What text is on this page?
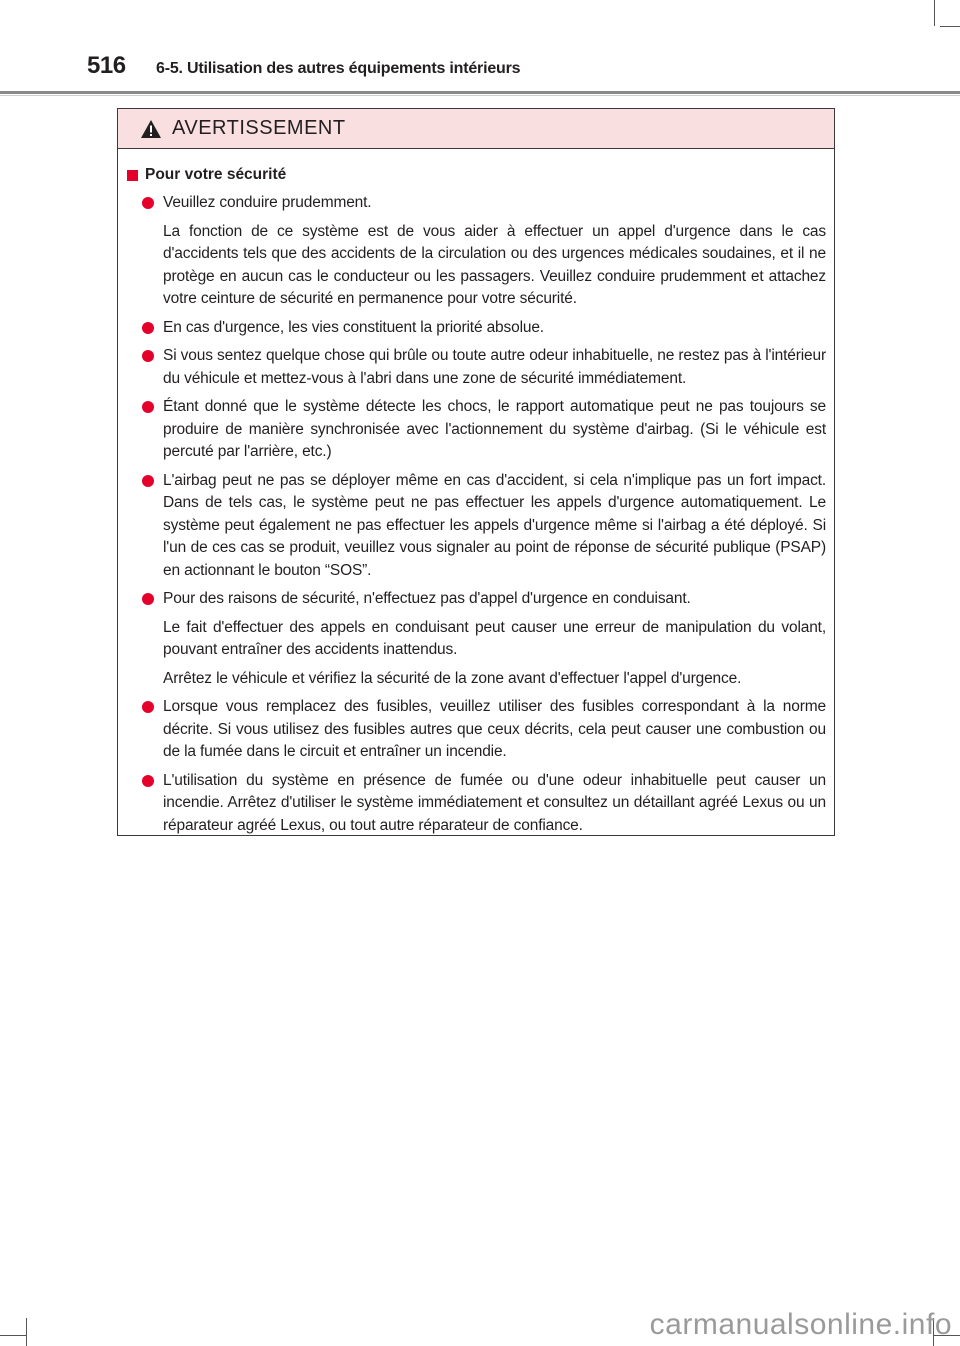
516 6-5. Utilisation des autres équipements intérieurs
AVERTISSEMENT
Pour votre sécurité
Veuillez conduire prudemment.
La fonction de ce système est de vous aider à effectuer un appel d'urgence dans le cas d'accidents tels que des accidents de la circulation ou des urgences médicales soudaines, et il ne protège en aucun cas le conducteur ou les passagers. Veuillez conduire prudemment et attachez votre ceinture de sécurité en permanence pour votre sécurité.
En cas d'urgence, les vies constituent la priorité absolue.
Si vous sentez quelque chose qui brûle ou toute autre odeur inhabituelle, ne restez pas à l'intérieur du véhicule et mettez-vous à l'abri dans une zone de sécurité immédiatement.
Étant donné que le système détecte les chocs, le rapport automatique peut ne pas toujours se produire de manière synchronisée avec l'actionnement du système d'airbag. (Si le véhicule est percuté par l'arrière, etc.)
L'airbag peut ne pas se déployer même en cas d'accident, si cela n'implique pas un fort impact. Dans de tels cas, le système peut ne pas effectuer les appels d'urgence automatiquement. Le système peut également ne pas effectuer les appels d'urgence même si l'airbag a été déployé. Si l'un de ces cas se produit, veuillez vous signaler au point de réponse de sécurité publique (PSAP) en actionnant le bouton “SOS”.
Pour des raisons de sécurité, n'effectuez pas d'appel d'urgence en conduisant.
Le fait d'effectuer des appels en conduisant peut causer une erreur de manipulation du volant, pouvant entraîner des accidents inattendus.
Arrêtez le véhicule et vérifiez la sécurité de la zone avant d'effectuer l'appel d'urgence.
Lorsque vous remplacez des fusibles, veuillez utiliser des fusibles correspondant à la norme décrite. Si vous utilisez des fusibles autres que ceux décrits, cela peut causer une combustion ou de la fumée dans le circuit et entraîner un incendie.
L'utilisation du système en présence de fumée ou d'une odeur inhabituelle peut causer un incendie. Arrêtez d'utiliser le système immédiatement et consultez un détaillant agréé Lexus ou un réparateur agréé Lexus, ou tout autre réparateur de confiance.
carmanualsonline.info
